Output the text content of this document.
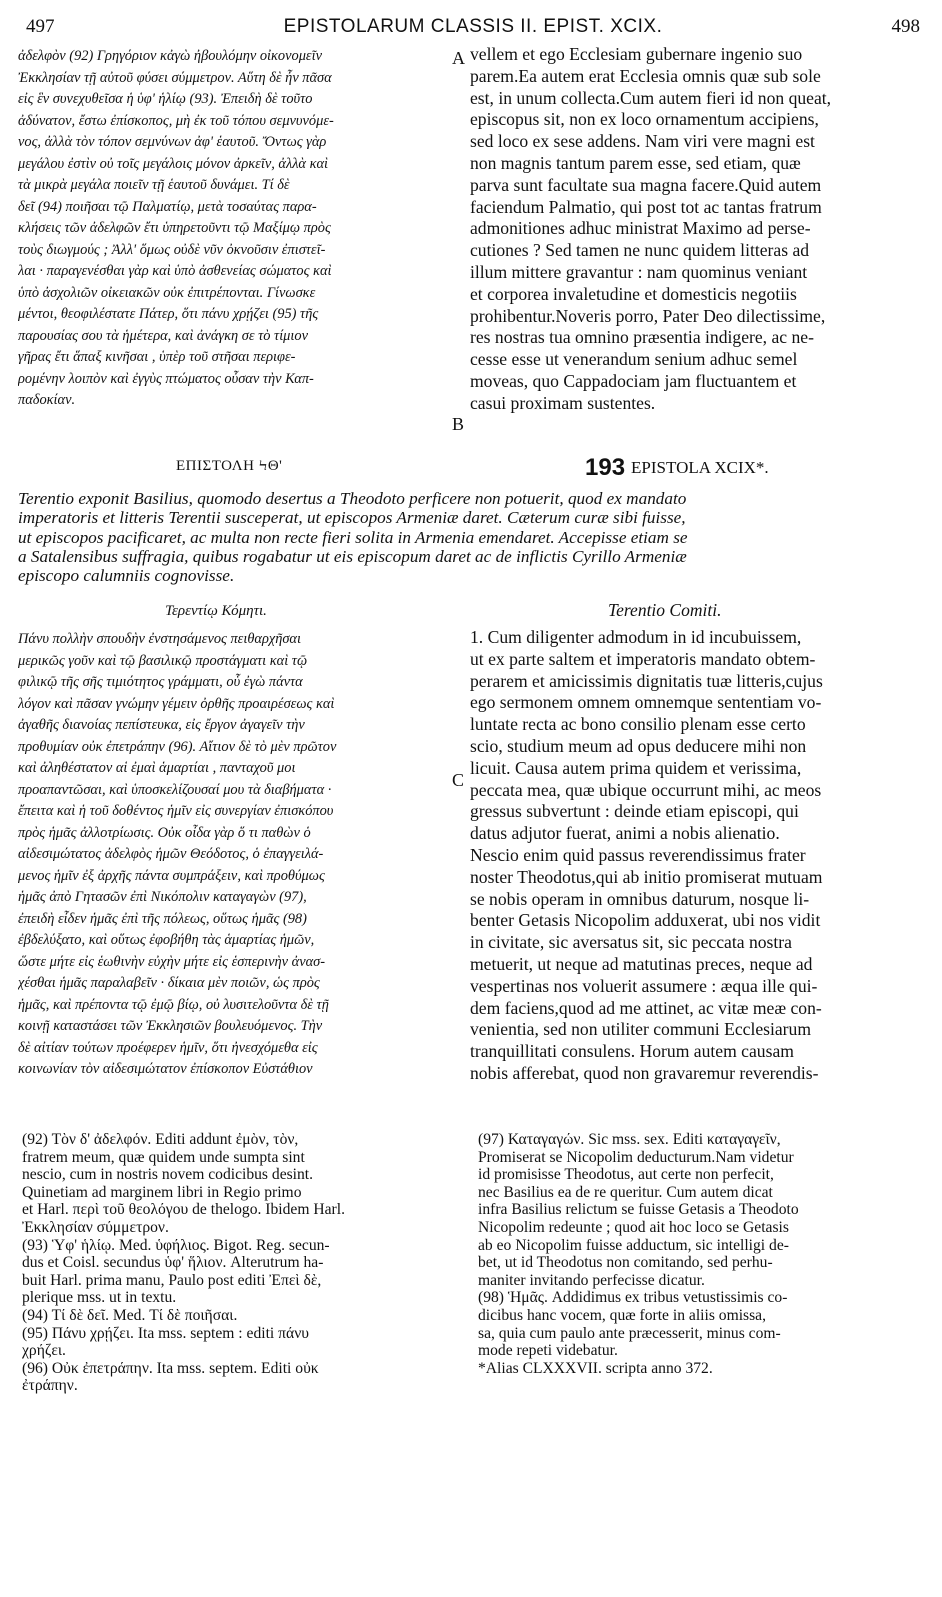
497	EPISTOLARUM CLASSIS II. EPIST. XCIX.	498
ἀδελφὸν (92) Γρηγόριον κἀγὼ ἠβουλόμην οἰκονομεῖν
Ἐκκλησίαν τῇ αὐτοῦ φύσει σύμμετρον. Αὕτη δὲ ἦν πᾶσα
εἰς ἓν συνεχυθεῖσα ἡ ὑφ' ἡλίῳ (93). Ἐπειδὴ δὲ τοῦτο
ἀδύνατον, ἔστω ἐπίσκοπος, μὴ ἐκ τοῦ τόπου σεμνυνόμε-
νος, ἀλλὰ τὸν τόπον σεμνύνων ἀφ' ἑαυτοῦ. Ὄντως γὰρ
μεγάλου ἐστὶν οὐ τοῖς μεγάλοις μόνον ἀρκεῖν, ἀλλὰ καὶ
τὰ μικρὰ μεγάλα ποιεῖν τῇ ἑαυτοῦ δυνάμει. Τί δὲ
δεῖ (94) ποιῆσαι τῷ Παλματίῳ, μετὰ τοσαύτας παρα-
κλήσεις τῶν ἀδελφῶν ἔτι ὑπηρετοῦντι τῷ Μαξίμῳ πρὸς
τοὺς διωγμούς ; Ἀλλ' ὅμως οὐδὲ νῦν ὀκνοῦσιν ἐπιστεῖ-
λαι · παραγενέσθαι γὰρ καὶ ὑπὸ ἀσθενείας σώματος καὶ
ὑπὸ ἀσχολιῶν οἰκειακῶν οὐκ ἐπιτρέπονται. Γίνωσκε
μέντοι, θεοφιλέστατε Πάτερ, ὅτι πάνυ χρῄζει (95) τῆς
παρουσίας σου τὰ ἡμέτερα, καὶ ἀνάγκη σε τὸ τίμιον
γῆρας ἔτι ἅπαξ κινῆσαι , ὑπὲρ τοῦ στῆσαι περιφε-
ρομένην λοιπὸν καὶ ἐγγὺς πτώματος οὖσαν τὴν Καπ-
παδοκίαν.
vellem et ego Ecclesiam gubernare ingenio suo
parem.Ea autem erat Ecclesia omnis quæ sub sole
est, in unum collecta.Cum autem fieri id non queat,
episcopus sit, non ex loco ornamentum accipiens,
sed loco ex sese addens. Nam viri vere magni est
non magnis tantum parem esse, sed etiam, quæ
parva sunt facultate sua magna facere.Quid autem
faciendum Palmatio, qui post tot ac tantas fratrum
admonitiones adhuc ministrat Maximo ad perse-
cutiones ? Sed tamen ne nunc quidem litteras ad
illum mittere gravantur : nam quominus veniant
et corporea invaletudine et domesticis negotiis
prohibentur.Noveris porro, Pater Deo dilectissime,
res nostras tua omnino præsentia indigere, ac ne-
cesse esse ut venerandum senium adhuc semel
moveas, quo Cappadociam jam fluctuantem et
casui proximam sustentes.
A
B
ΕΠΙΣΤΟΛΗ ϞΘ'	193 EPISTOLA XCIX*.
Terentio exponit Basilius, quomodo desertus a Theodoto perficere non potuerit, quod ex mandato
imperatoris et litteris Terentii susceperat, ut episcopos Armeniæ daret. Cæterum curæ sibi fuisse,
ut episcopos pacificaret, ac multa non recte fieri solita in Armenia emendaret. Accepisse etiam se
a Satalensibus suffragia, quibus rogabatur ut eis episcopum daret ac de inflictis Cyrillo Armeniæ
episcopo calumniis cognovisse.
Τερεντίῳ Κόμητι.	Terentio Comiti.
Πάνυ πολλὴν σπουδὴν ἐνστησάμενος πειθαρχῆσαι
μερικῶς γοῦν καὶ τῷ βασιλικῷ προστάγματι καὶ τῷ
φιλικῷ τῆς σῆς τιμιότητος γράμματι, οὗ ἐγὼ πάντα
λόγον καὶ πᾶσαν γνώμην γέμειν ὀρθῆς προαιρέσεως καὶ
ἀγαθῆς διανοίας πεπίστευκα, εἰς ἔργον ἀγαγεῖν τὴν
προθυμίαν οὐκ ἐπετράπην (96). Αἴτιον δὲ τὸ μὲν πρῶτον
καὶ ἀληθέστατον αἱ ἐμαὶ ἁμαρτίαι , πανταχοῦ μοι
προαπαντῶσαι, καὶ ὑποσκελίζουσαί μου τὰ διαβήματα ·
ἔπειτα καὶ ἡ τοῦ δοθέντος ἡμῖν εἰς συνεργίαν ἐπισκόπου
πρὸς ἡμᾶς ἀλλοτρίωσις. Οὐκ οἶδα γὰρ ὅ τι παθὼν ὁ
αἰδεσιμώτατος ἀδελφὸς ἡμῶν Θεόδοτος, ὁ ἐπαγγειλά-
μενος ἡμῖν ἐξ ἀρχῆς πάντα συμπράξειν, καὶ προθύμως
ἡμᾶς ἀπὸ Γητασῶν ἐπὶ Νικόπολιν καταγαγὼν (97),
ἐπειδὴ εἶδεν ἡμᾶς ἐπὶ τῆς πόλεως, οὕτως ἡμᾶς (98)
ἐβδελύξατο, καὶ οὕτως ἐφοβήθη τὰς ἁμαρτίας ἡμῶν,
ὥστε μήτε εἰς ἑωθινὴν εὐχὴν μήτε εἰς ἑσπερινὴν ἀνασ-
χέσθαι ἡμᾶς παραλαβεῖν · δίκαια μὲν ποιῶν, ὡς πρὸς
ἡμᾶς, καὶ πρέποντα τῷ ἐμῷ βίῳ, οὐ λυσιτελοῦντα δὲ τῇ
κοινῇ καταστάσει τῶν Ἐκκλησιῶν βουλευόμενος. Τὴν
δὲ αἰτίαν τούτων προέφερεν ἡμῖν, ὅτι ἠνεσχόμεθα εἰς
κοινωνίαν τὸν αἰδεσιμώτατον ἐπίσκοπον Εὐστάθιον
1. Cum diligenter admodum in id incubuissem,
ut ex parte saltem et imperatoris mandato obtem-
perarem et amicissimis dignitatis tuæ litteris,cujus
ego sermonem omnem omnemque sententiam vo-
luntate recta ac bono consilio plenam esse certo
scio, studium meum ad opus deducere mihi non
licuit. Causa autem prima quidem et verissima,
peccata mea, quæ ubique occurrunt mihi, ac meos
gressus subvertunt : deinde etiam episcopi, qui
datus adjutor fuerat, animi a nobis alienatio.
Nescio enim quid passus reverendissimus frater
noster Theodotus,qui ab initio promiserat mutuam
se nobis operam in omnibus daturum, nosque li-
benter Getasis Nicopolim adduxerat, ubi nos vidit
in civitate, sic aversatus sit, sic peccata nostra
metuerit, ut neque ad matutinas preces, neque ad
vespertinas nos voluerit assumere : æqua ille qui-
dem faciens,quod ad me attinet, ac vitæ meæ con-
venientia, sed non utiliter communi Ecclesiarum
tranquillitati consulens. Horum autem causam
nobis afferebat, quod non gravaremur reverendis-
C
(92) Τὸν δ' ἀδελφόν. Editi addunt ἐμὸν, τὸν,
fratrem meum, quæ quidem unde sumpta sint
nescio, cum in nostris novem codicibus desint.
Quinetiam ad marginem libri in Regio primo
et Harl. περὶ τοῦ θεολόγου de thelogo. Ibidem Harl.
Ἐκκλησίαν σύμμετρον.
(93) Ὑφ' ἡλίῳ. Med. ὑφήλιος. Bigot. Reg. secun-
dus et Coisl. secundus ὑφ' ἥλιον. Alterutrum ha-
buit Harl. prima manu, Paulo post editi Ἐπεὶ δὲ,
plerique mss. ut in textu.
(94) Τί δὲ δεῖ. Med. Τί δὲ ποιῆσαι.
(95) Πάνυ χρῄζει. Ita mss. septem : editi πάνυ
χρήζει.
(96) Οὐκ ἐπετράπην. Ita mss. septem. Editi οὐκ
ἐτράπην.
(97) Καταγαγών. Sic mss. sex. Editi καταγαγεῖν,
Promiserat se Nicopolim deducturum.Nam videtur
id promisisse Theodotus, aut certe non perfecit,
nec Basilius ea de re queritur. Cum autem dicat
infra Basilius relictum se fuisse Getasis a Theodoto
Nicopolim redeunte ; quod ait hoc loco se Getasis
ab eo Nicopolim fuisse adductum, sic intelligi de-
bet, ut id Theodotus non comitando, sed perhu-
maniter invitando perfecisse dicatur.
(98) Ἡμᾶς. Addidimus ex tribus vetustissimis co-
dicibus hanc vocem, quæ forte in aliis omissa,
sa, quia cum paulo ante præcesserit, minus com-
mode repeti videbatur.
*Alias CLXXXVII. scripta anno 372.
